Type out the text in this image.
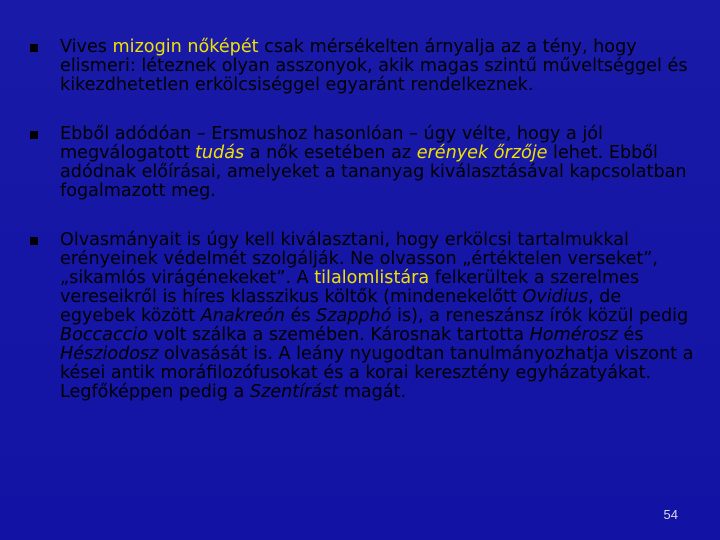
Vives mizogin nőképét csak mérsékelten árnyalja az a tény, hogy elismeri: léteznek olyan asszonyok, akik magas szintű műveltséggel és kikezdhetetlen erkölcsiséggel egyaránt rendelkeznek.
Ebből adódóan – Ersmushoz hasonlóan – úgy vélte, hogy a jól megválogatott tudás a nők esetében az erények őrzője lehet. Ebből adódnak előírásai, amelyeket a tananyag kiválasztásával kapcsolatban fogalmazott meg.
Olvasmányait is úgy kell kiválasztani, hogy erkölcsi tartalmukkal erényeinek védelmét szolgálják. Ne olvasson „értéktelen verseket”, „sikamlós virágénekeket”. A tilalomlistára felkerültek a szerelmes vereseikről is híres klasszikus költők (mindenekelőtt Ovidius, de egyebek között Anakreón és Szapphó is), a reneszánsz írók közül pedig Boccaccio volt szálka a szemében. Károsnak tartotta Homérosz és Hésziodosz olvasását is. A leány nyugodtan tanulmányozhatja viszont a kései antik moráfilozófusokat és a korai keresztény egyházatyákat. Legfőképpen pedig a Szentírást magát.
54
